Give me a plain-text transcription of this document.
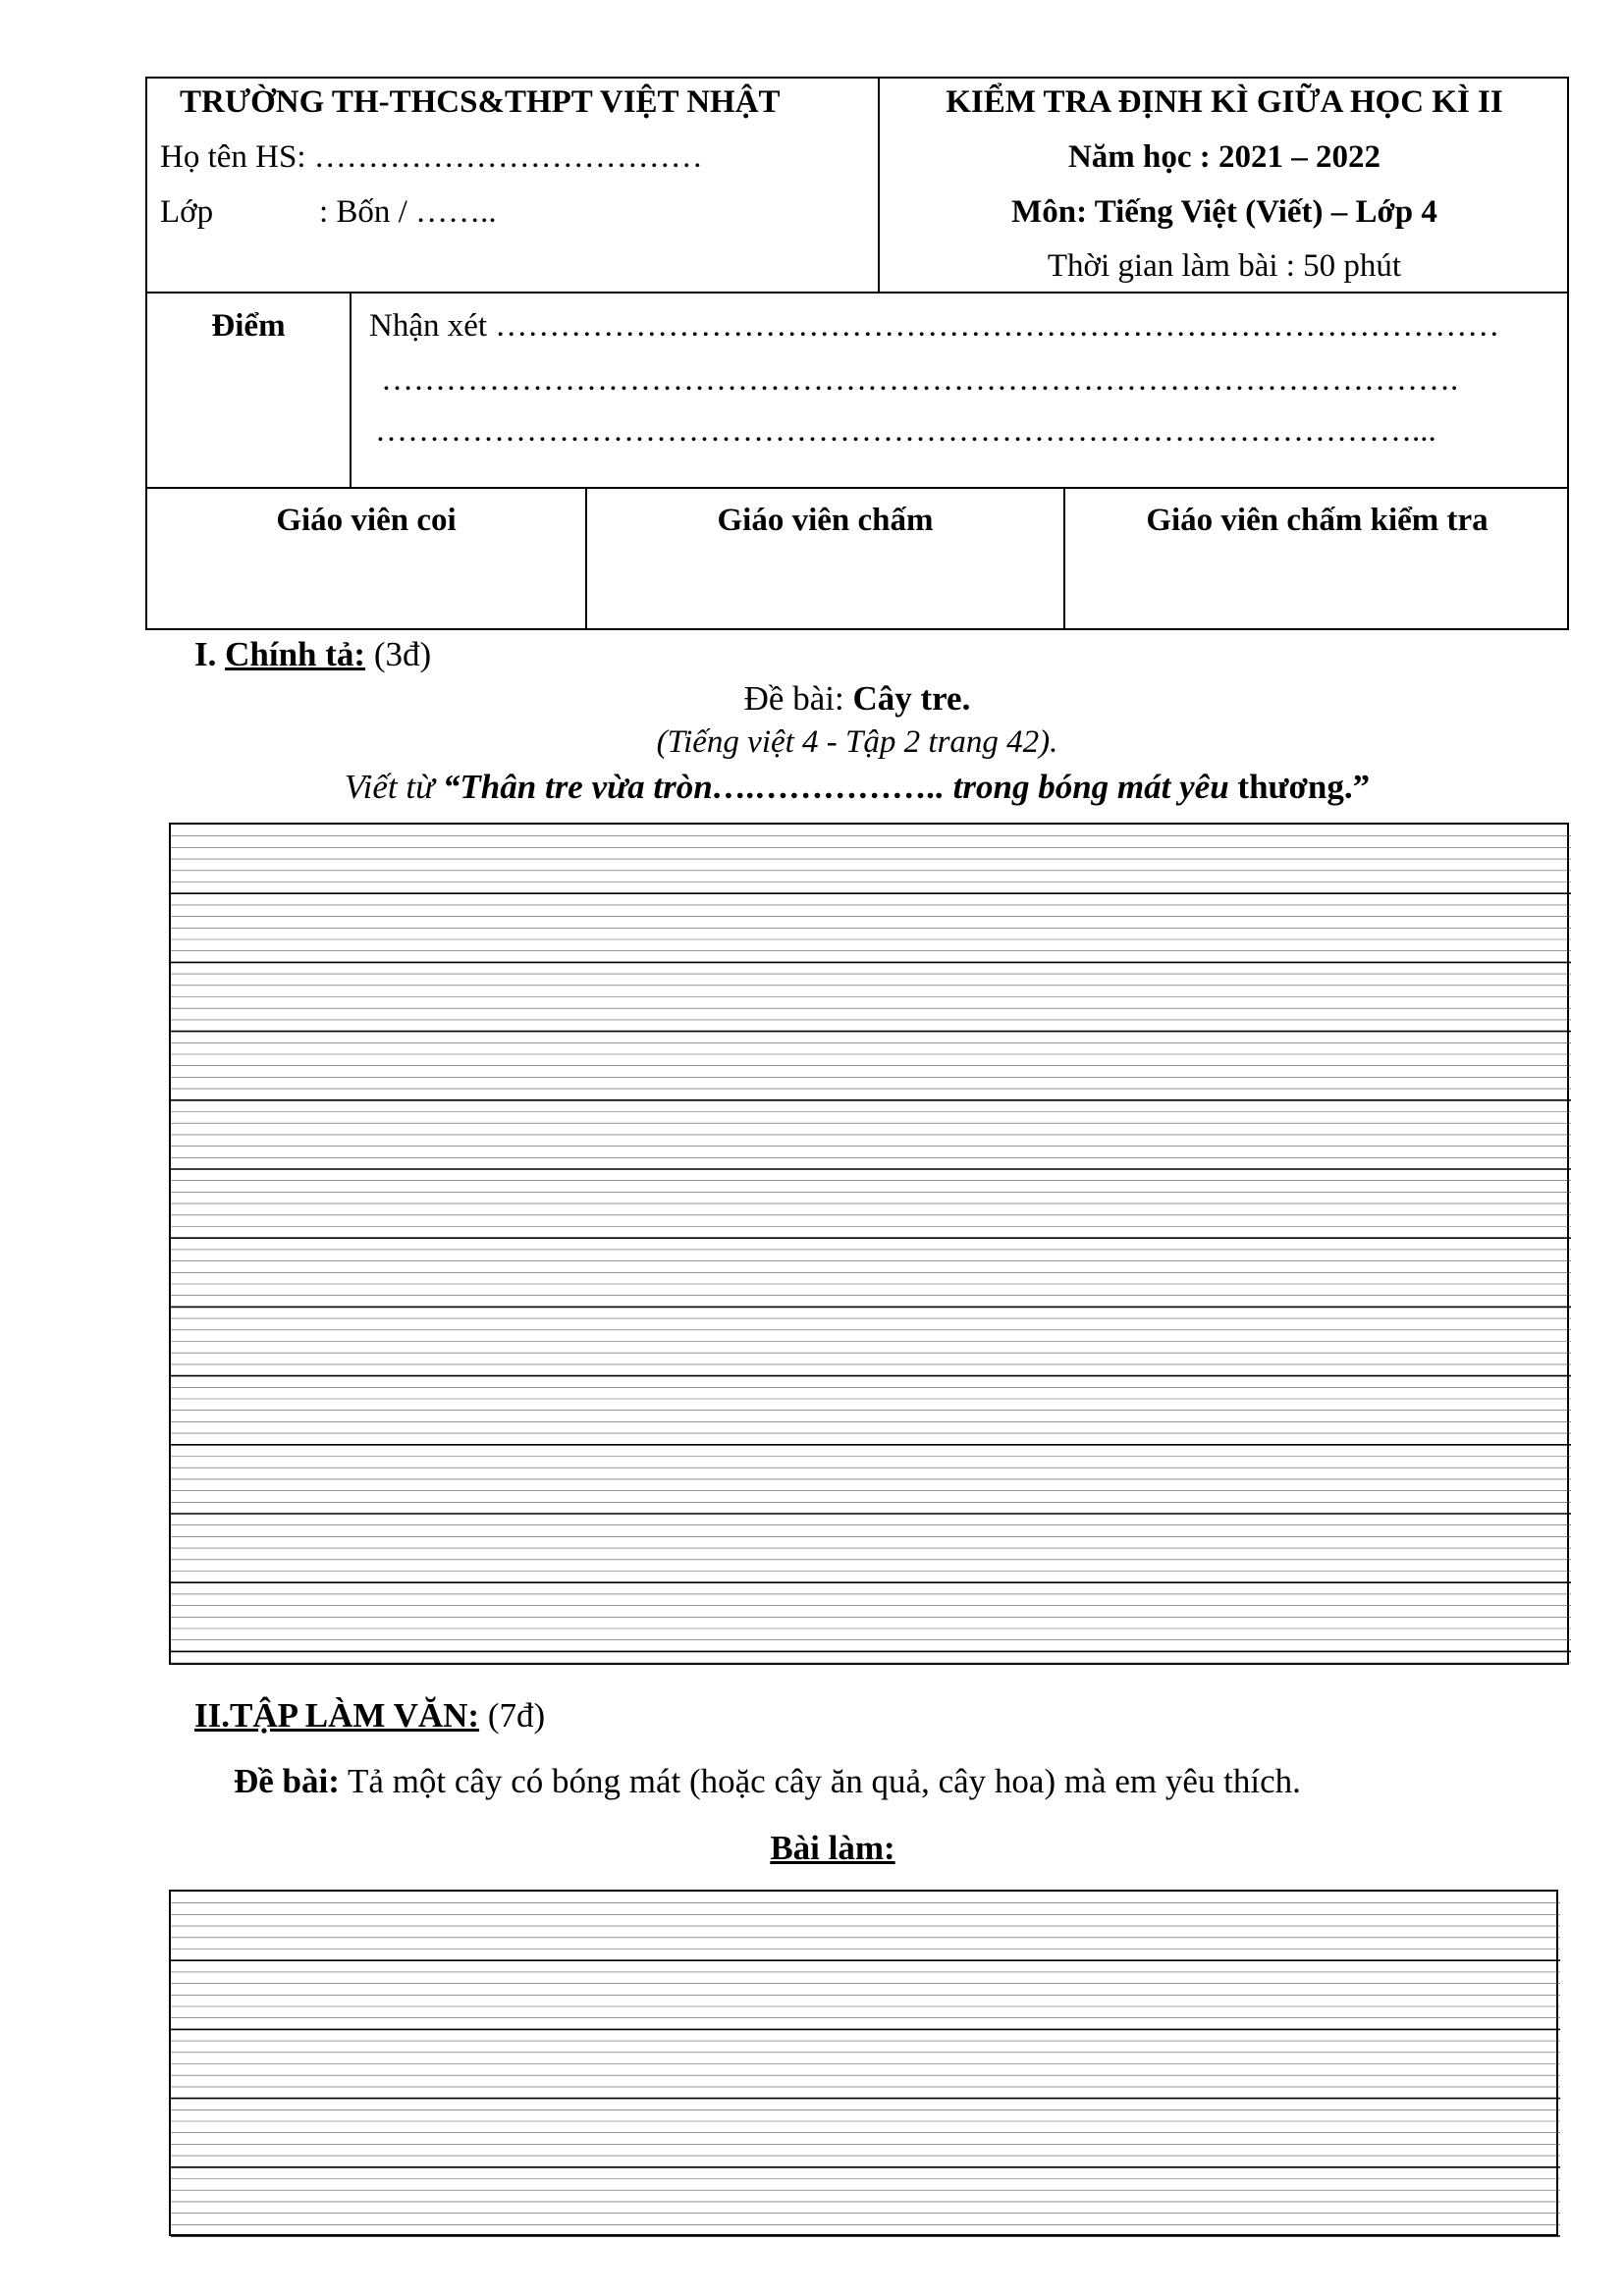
TRƯỜNG TH-THCS&THPT VIỆT NHẬT
Họ tên HS: ………………………………
Lớp	: Bốn / ……..
KIỂM TRA ĐỊNH KÌ GIỮA HỌC KÌ II
Năm học : 2021 – 2022
Môn: Tiếng Việt (Viết) – Lớp 4
Thời gian làm bài : 50 phút
Điểm	Nhận xét …………………………………………………………………………………
……………………………………………………………………………………….
……………………………………………………………………………………...
Giáo viên coi	Giáo viên chấm	Giáo viên chấm kiểm tra
I. Chính tả: (3đ)
Đề bài: Cây tre.
(Tiếng việt 4 - Tập 2 trang 42).
Viết từ “Thân tre vừa tròn….…………….. trong bóng mát yêu thương.”
II.TẬP LÀM VĂN: (7đ)
Đề bài: Tả một cây có bóng mát (hoặc cây ăn quả, cây hoa) mà em yêu thích.
Bài làm:
